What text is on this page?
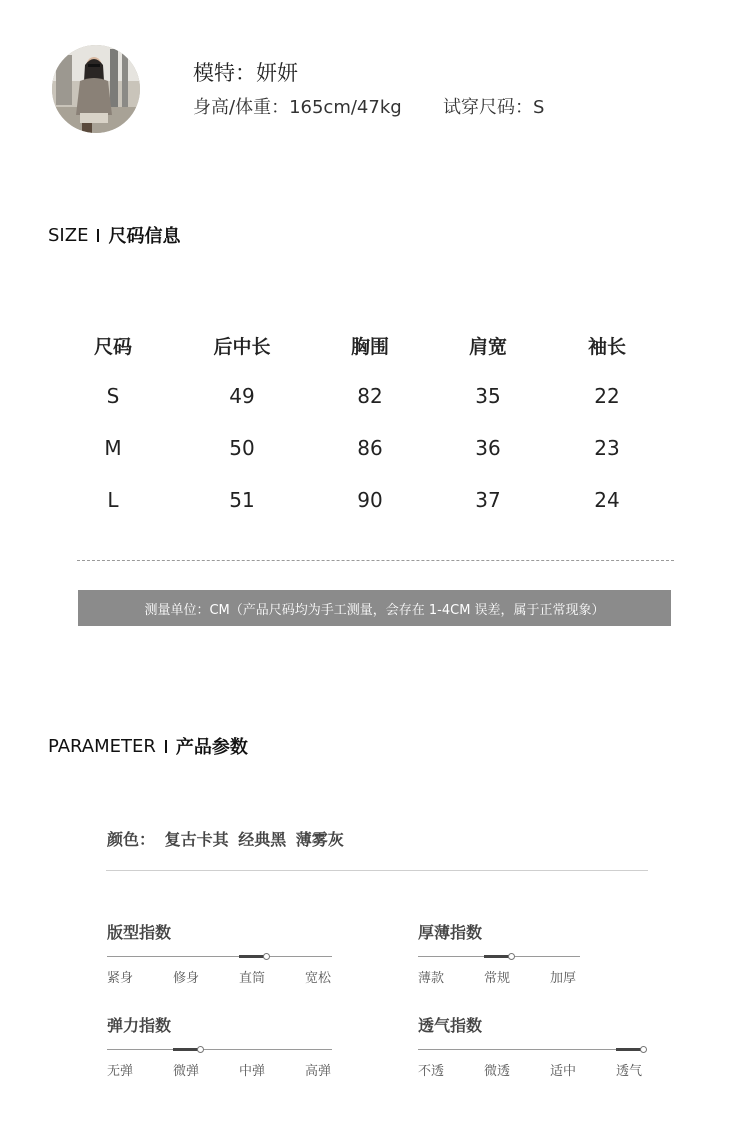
模特：妍妍
身高/体重：165cm/47kg 试穿尺码：S
SIZE 尺码信息
尺码	后中长	胸围	肩宽	袖长
S	49	82	35	22
M	50	86	36	23
L	51	90	37	24
测量单位：CM（产品尺码均为手工测量，会存在 1-4CM 误差，属于正常现象）
PARAMETER 产品参数
颜色： 复古卡其 经典黑 薄雾灰
版型指数
紧身	修身	直筒	宽松
厚薄指数
薄款	常规	加厚
弹力指数
无弹	微弹	中弹	高弹
透气指数
不透	微透	适中	透气
